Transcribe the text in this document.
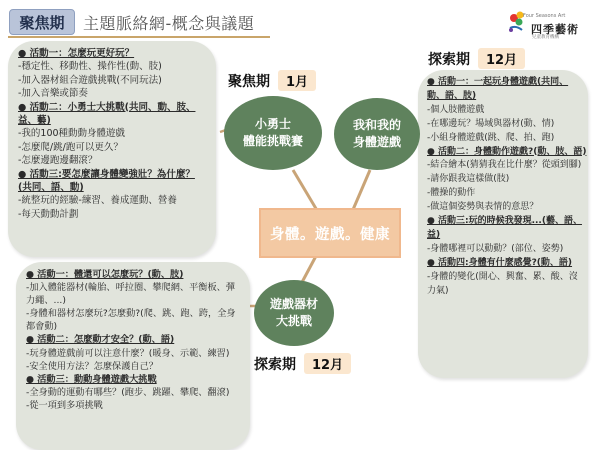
聚焦期	主題脈絡網-概念與議題	Four Seasons Art
四季藝術
兒童教育機構
● 活動一：怎麼玩更好玩？
-穩定性、移動性、操作性(動、肢)
-加入器材組合遊戲挑戰(不同玩法)
-加入音樂或節奏
● 活動二：小勇士大挑戰(共同、動、肢、益、藝)
-我的100種動動身體遊戲
-怎麼爬/跳/跑可以更久？
-怎麼邊跑邊翻滾？
● 活動三:要怎麼讓身體變強壯？為什麼？(共同、語、動)
-統整玩的經驗-練習、養成運動、營養
-每天動動計劃
● 活動一：一起玩身體遊戲(共同、動、語、肢)
-個人肢體遊戲
-在哪邊玩？場域與器材(動、情)
-小組身體遊戲(跳、爬、拍、跑)
● 活動二：身體動作遊戲?(動、肢、語)
-結合繪本(猜猜我在比什麼？從頭到腳)
-請你跟我這樣做(肢)
-體操的動作
-做這個姿勢與表情的意思？
● 活動三:玩的時候我發現...(藝、語、益)
-身體哪裡可以動動？(部位、姿勢)
● 活動四:身體有什麼感覺?(動、語)
-身體的變化(開心、興奮、累、酸、沒力氣)
● 活動一：體還可以怎麼玩？(動、肢)
-加入體能器材(輪胎、呼拉圈、攀爬網、平衡板、彈力繩、...)
-身體和器材怎麼玩?怎麼動?(爬、跳、跑、跨，全身都會動)
● 活動二：怎麼動才安全？(動、語)
-玩身體遊戲前可以注意什麼？(暖身、示範、練習)
-安全使用方法？怎麼保護自己？
● 活動三：動動身體遊戲大挑戰
-全身動的運動有哪些？(跑步、跳躍、攀爬、翻滾)
-從一項到多項挑戰
聚焦期	1月
探索期	12月
探索期	12月
小勇士
體能挑戰賽
我和我的
身體遊戲
遊戲器材
大挑戰
身體。遊戲。健康
